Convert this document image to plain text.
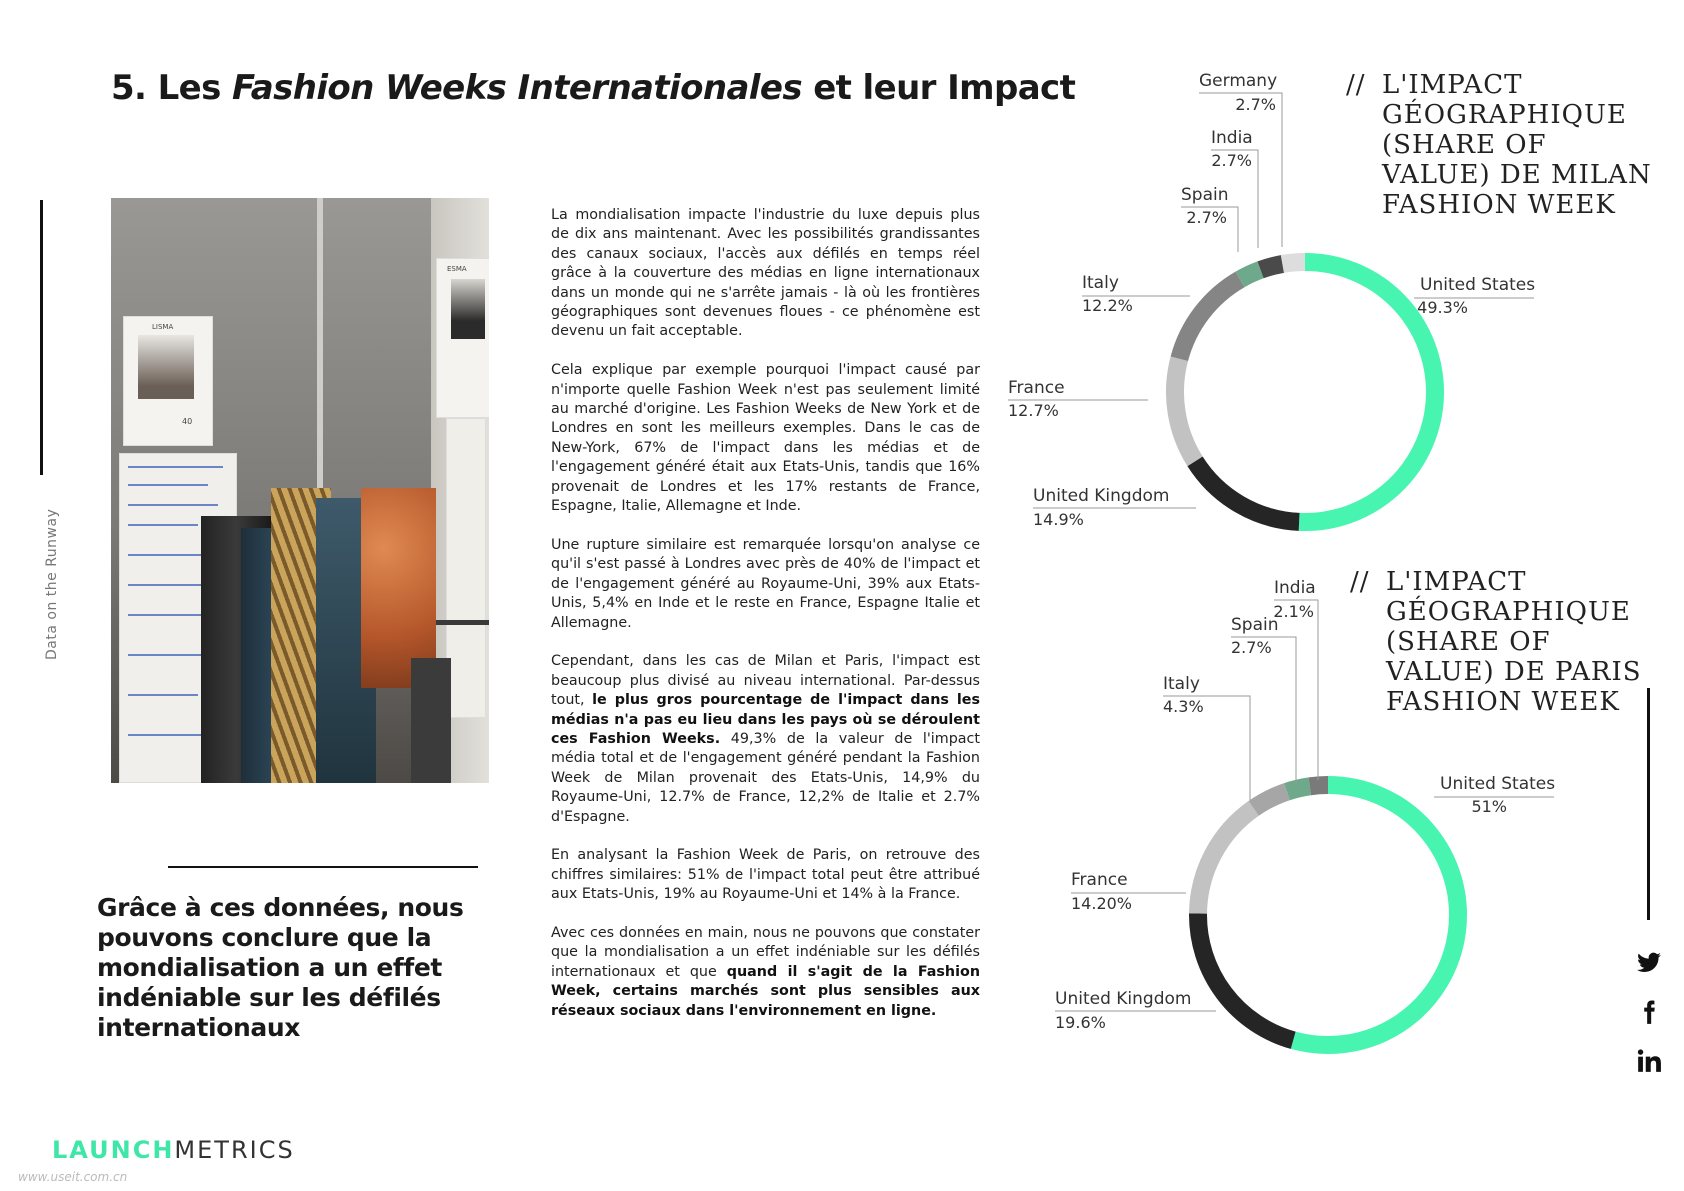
5. Les Fashion Weeks Internationales et leur Impact
Data on the Runway
ESMA
LISMA
40
Grâce à ces données, nous pouvons conclure que la mondialisation a un effet indéniable sur les défilés internationaux

La mondialisation impacte l'industrie du luxe depuis plus de dix ans maintenant. Avec les possibilités grandissantes des canaux sociaux, l'accès aux défilés en temps réel grâce à la couverture des médias en ligne internationaux dans un monde qui ne s'arrête jamais - là où les frontières géographiques sont devenues floues - ce phénomène est devenu un fait acceptable.

Cela explique par exemple pourquoi l'impact causé par n'importe quelle Fashion Week n'est pas seulement limité au marché d'origine. Les Fashion Weeks de New York et de Londres en sont les meilleurs exemples. Dans le cas de New-York, 67% de l'impact dans les médias et de l'engagement généré était aux Etats-Unis, tandis que 16% provenait de Londres et les 17% restants de France, Espagne, Italie, Allemagne et Inde.

Une rupture similaire est remarquée lorsqu'on analyse ce qu'il s'est passé à Londres avec près de 40% de l'impact et de l'engagement généré au Royaume-Uni, 39% aux Etats-Unis, 5,4% en Inde et le reste en France, Espagne Italie et Allemagne.

Cependant, dans les cas de Milan et Paris, l'impact est beaucoup plus divisé au niveau international. Par-dessus tout, le plus gros pourcentage de l'impact dans les médias n'a pas eu lieu dans les pays où se déroulent ces Fashion Weeks. 49,3% de la valeur de l'impact média total et de l'engagement généré pendant la Fashion Week de Milan provenait des Etats-Unis, 14,9% du Royaume-Uni, 12.7% de France, 12,2% de Italie et 2.7% d'Espagne.

En analysant la Fashion Week de Paris, on retrouve des chiffres similaires: 51% de l'impact total peut être attribué aux Etats-Unis, 19% au Royaume-Uni et 14% à la France.

Avec ces données en main, nous ne pouvons que constater que la mondialisation a un effet indéniable sur les défilés internationaux et que quand il s'agit de la Fashion Week, certains marchés sont plus sensibles aux réseaux sociaux dans l'environnement en ligne.

// L'IMPACT
GÉOGRAPHIQUE
(SHARE OF
VALUE) DE MILAN
FASHION WEEK
// L'IMPACT
GÉOGRAPHIQUE
(SHARE OF
VALUE) DE PARIS
FASHION WEEK
United States
49.3%
United Kingdom
14.9%
France
12.7%
Italy
12.2%
Spain
2.7%
India
2.7%
Germany
2.7%
United States
51%
United Kingdom
19.6%
France
14.20%
Italy
4.3%
Spain
2.7%
India
2.1%
LAUNCHMETRICS
www.useit.com.cn
